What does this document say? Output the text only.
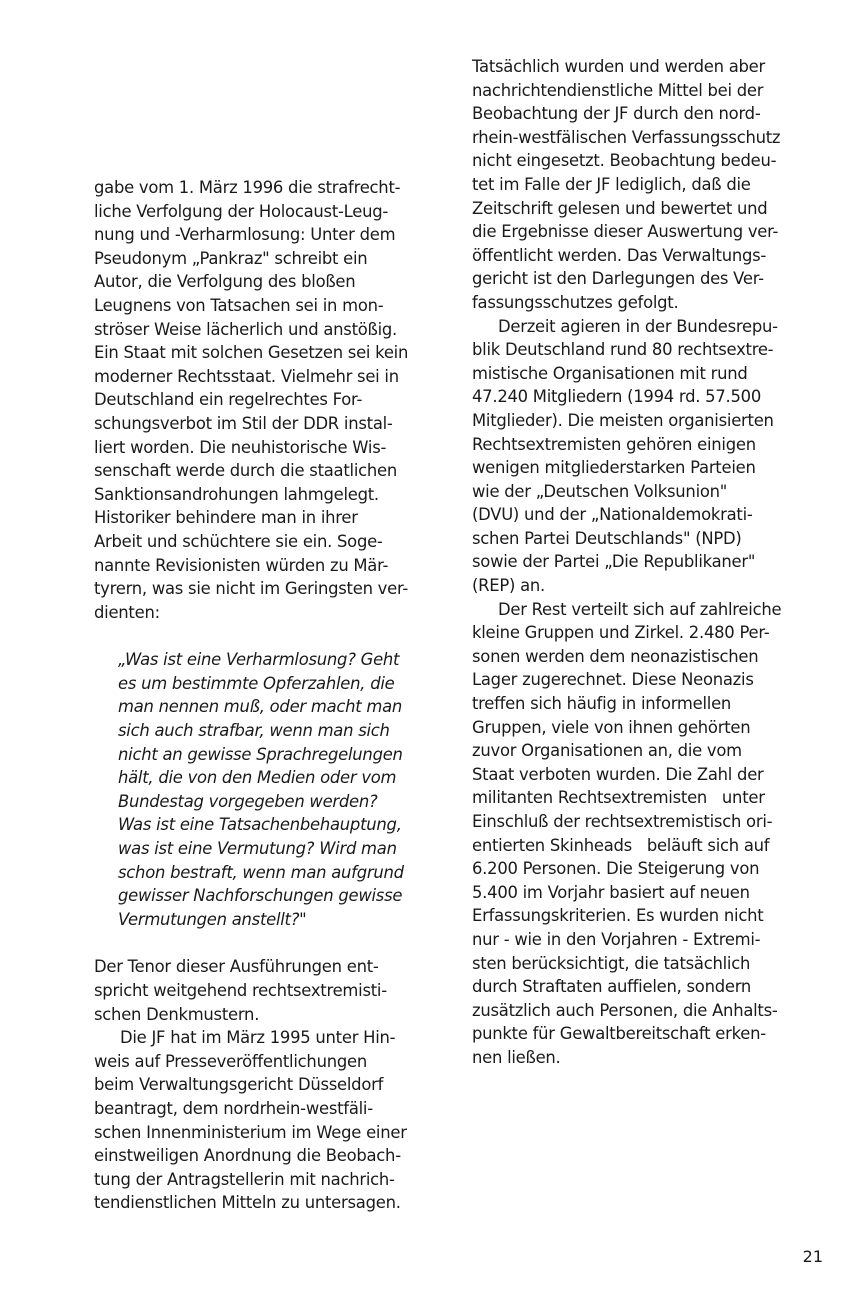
gabe vom 1. März 1996 die strafrecht-
liche Verfolgung der Holocaust-Leug-
nung und -Verharmlosung: Unter dem
Pseudonym „Pankraz" schreibt ein
Autor, die Verfolgung des bloßen
Leugnens von Tatsachen sei in mon-
ströser Weise lächerlich und anstößig.
Ein Staat mit solchen Gesetzen sei kein
moderner Rechtsstaat. Vielmehr sei in
Deutschland ein regelrechtes For-
schungsverbot im Stil der DDR instal-
liert worden. Die neuhistorische Wis-
senschaft werde durch die staatlichen
Sanktionsandrohungen lahmgelegt.
Historiker behindere man in ihrer
Arbeit und schüchtere sie ein. Soge-
nannte Revisionisten würden zu Mär-
tyrern, was sie nicht im Geringsten ver-
dienten:
„Was ist eine Verharmlosung? Geht
es um bestimmte Opferzahlen, die
man nennen muß, oder macht man
sich auch strafbar, wenn man sich
nicht an gewisse Sprachregelungen
hält, die von den Medien oder vom
Bundestag vorgegeben werden?
Was ist eine Tatsachenbehauptung,
was ist eine Vermutung? Wird man
schon bestraft, wenn man aufgrund
gewisser Nachforschungen gewisse
Vermutungen anstellt?"
Der Tenor dieser Ausführungen ent-
spricht weitgehend rechtsextremisti-
schen Denkmustern.
Die JF hat im März 1995 unter Hin-
weis auf Presseveröffentlichungen
beim Verwaltungsgericht Düsseldorf
beantragt, dem nordrhein-westfäli-
schen Innenministerium im Wege einer
einstweiligen Anordnung die Beobach-
tung der Antragstellerin mit nachrich-
tendienstlichen Mitteln zu untersagen.
Tatsächlich wurden und werden aber
nachrichtendienstliche Mittel bei der
Beobachtung der JF durch den nord-
rhein-westfälischen Verfassungsschutz
nicht eingesetzt. Beobachtung bedeu-
tet im Falle der JF lediglich, daß die
Zeitschrift gelesen und bewertet und
die Ergebnisse dieser Auswertung ver-
öffentlicht werden. Das Verwaltungs-
gericht ist den Darlegungen des Ver-
fassungsschutzes gefolgt.
Derzeit agieren in der Bundesrepu-
blik Deutschland rund 80 rechtsextre-
mistische Organisationen mit rund
47.240 Mitgliedern (1994 rd. 57.500
Mitglieder). Die meisten organisierten
Rechtsextremisten gehören einigen
wenigen mitgliederstarken Parteien
wie der „Deutschen Volksunion"
(DVU) und der „Nationaldemokrati-
schen Partei Deutschlands" (NPD)
sowie der Partei „Die Republikaner"
(REP) an.
Der Rest verteilt sich auf zahlreiche
kleine Gruppen und Zirkel. 2.480 Per-
sonen werden dem neonazistischen
Lager zugerechnet. Diese Neonazis
treffen sich häufig in informellen
Gruppen, viele von ihnen gehörten
zuvor Organisationen an, die vom
Staat verboten wurden. Die Zahl der
militanten Rechtsextremisten   unter
Einschluß der rechtsextremistisch ori-
entierten Skinheads   beläuft sich auf
6.200 Personen. Die Steigerung von
5.400 im Vorjahr basiert auf neuen
Erfassungskriterien. Es wurden nicht
nur - wie in den Vorjahren - Extremi-
sten berücksichtigt, die tatsächlich
durch Straftaten auffielen, sondern
zusätzlich auch Personen, die Anhalts-
punkte für Gewaltbereitschaft erken-
nen ließen.
21
